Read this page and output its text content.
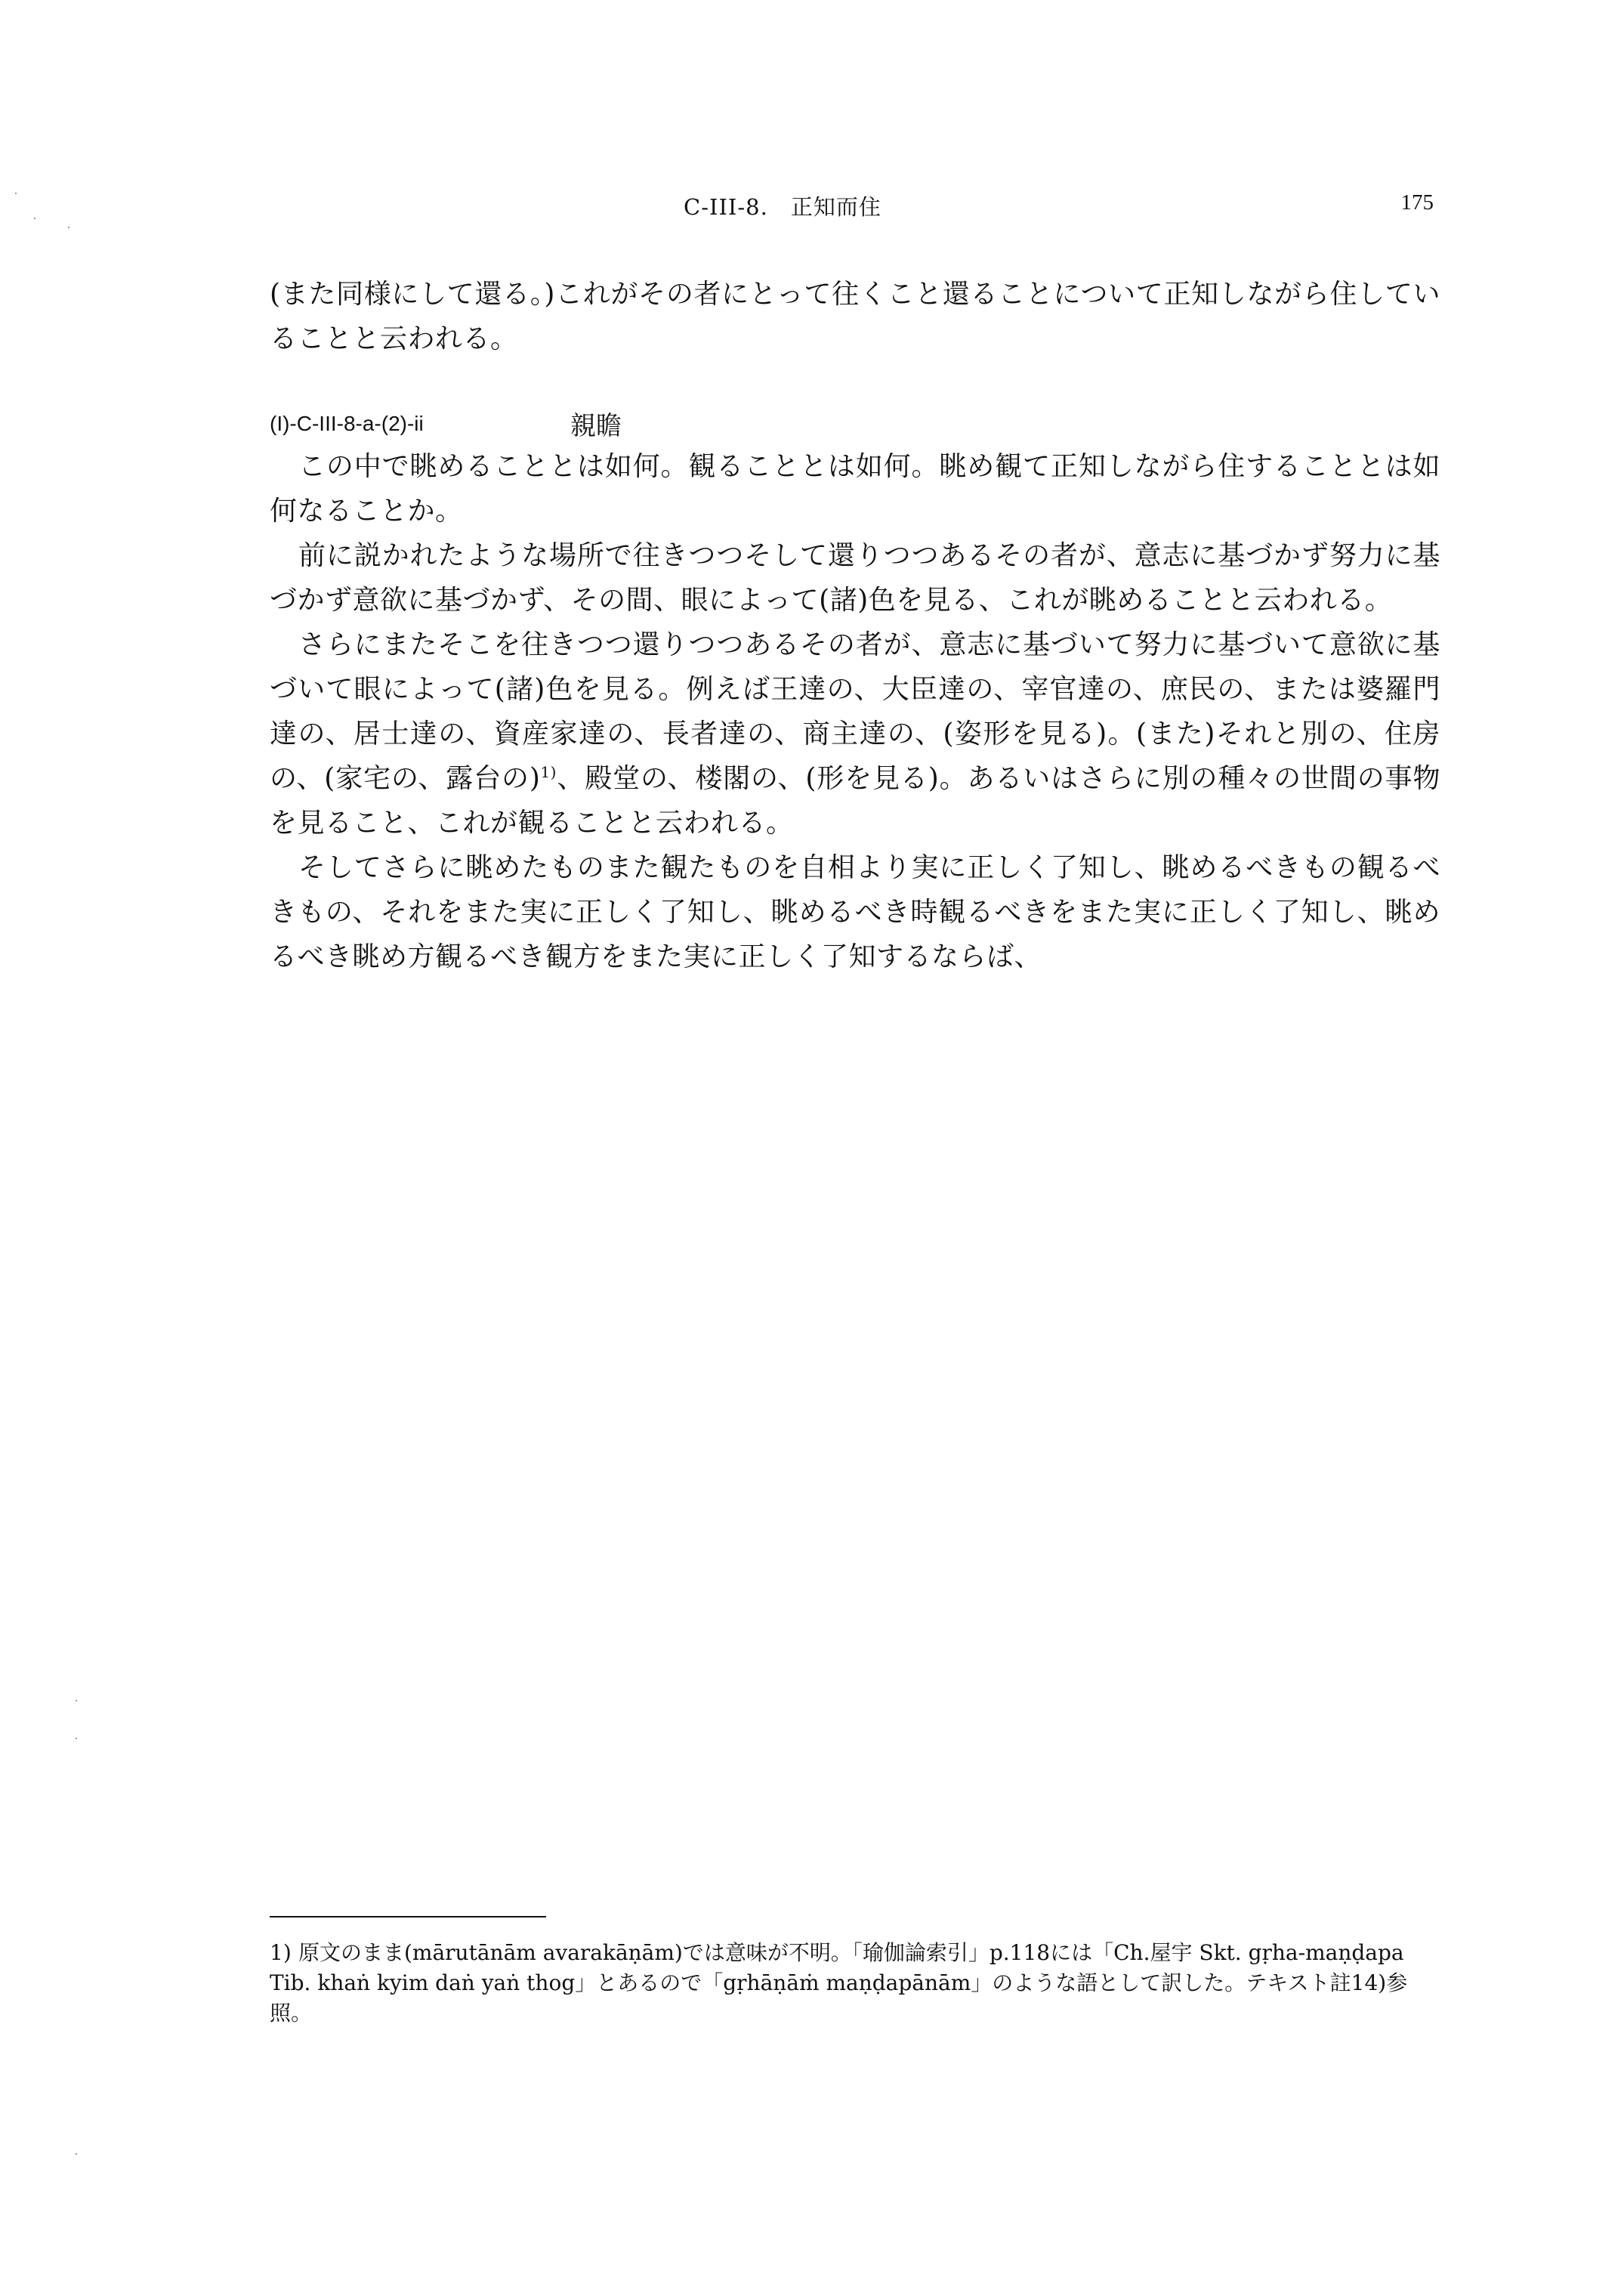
C-III-8.　正知而住	175

(また同様にして還る。)これがその者にとって往くこと還ることについて正知しながら住していることと云われる。

(I)-C-III-8-a-(2)-ii	親瞻

この中で眺めることとは如何。観ることとは如何。眺め観て正知しながら住することとは如何なることか。

前に説かれたような場所で往きつつそして還りつつあるその者が、意志に基づかず努力に基づかず意欲に基づかず、その間、眼によって(諸)色を見る、これが眺めることと云われる。

さらにまたそこを往きつつ還りつつあるその者が、意志に基づいて努力に基づいて意欲に基づいて眼によって(諸)色を見る。例えば王達の、大臣達の、宰官達の、庶民の、または婆羅門達の、居士達の、資産家達の、長者達の、商主達の、(姿形を見る)。(また)それと別の、住房の、(家宅の、露台の)$^{1)}$、殿堂の、楼閣の、(形を見る)。あるいはさらに別の種々の世間の事物を見ること、これが観ることと云われる。

そしてさらに眺めたものまた観たものを自相より実に正しく了知し、眺めるべきもの観るべきもの、それをまた実に正しく了知し、眺めるべき時観るべきをまた実に正しく了知し、眺めるべき眺め方観るべき観方をまた実に正しく了知するならば、

1) 原文のまま(mārutānām avarakāṇām)では意味が不明。「瑜伽論索引」p.118には「Ch.屋宇 Skt. gṛha-maṇḍapa Tib. khaṅ kyim daṅ yaṅ thog」とあるので「gṛhāṇāṁ maṇḍapānām」のような語として訳した。テキスト註14)参照。
